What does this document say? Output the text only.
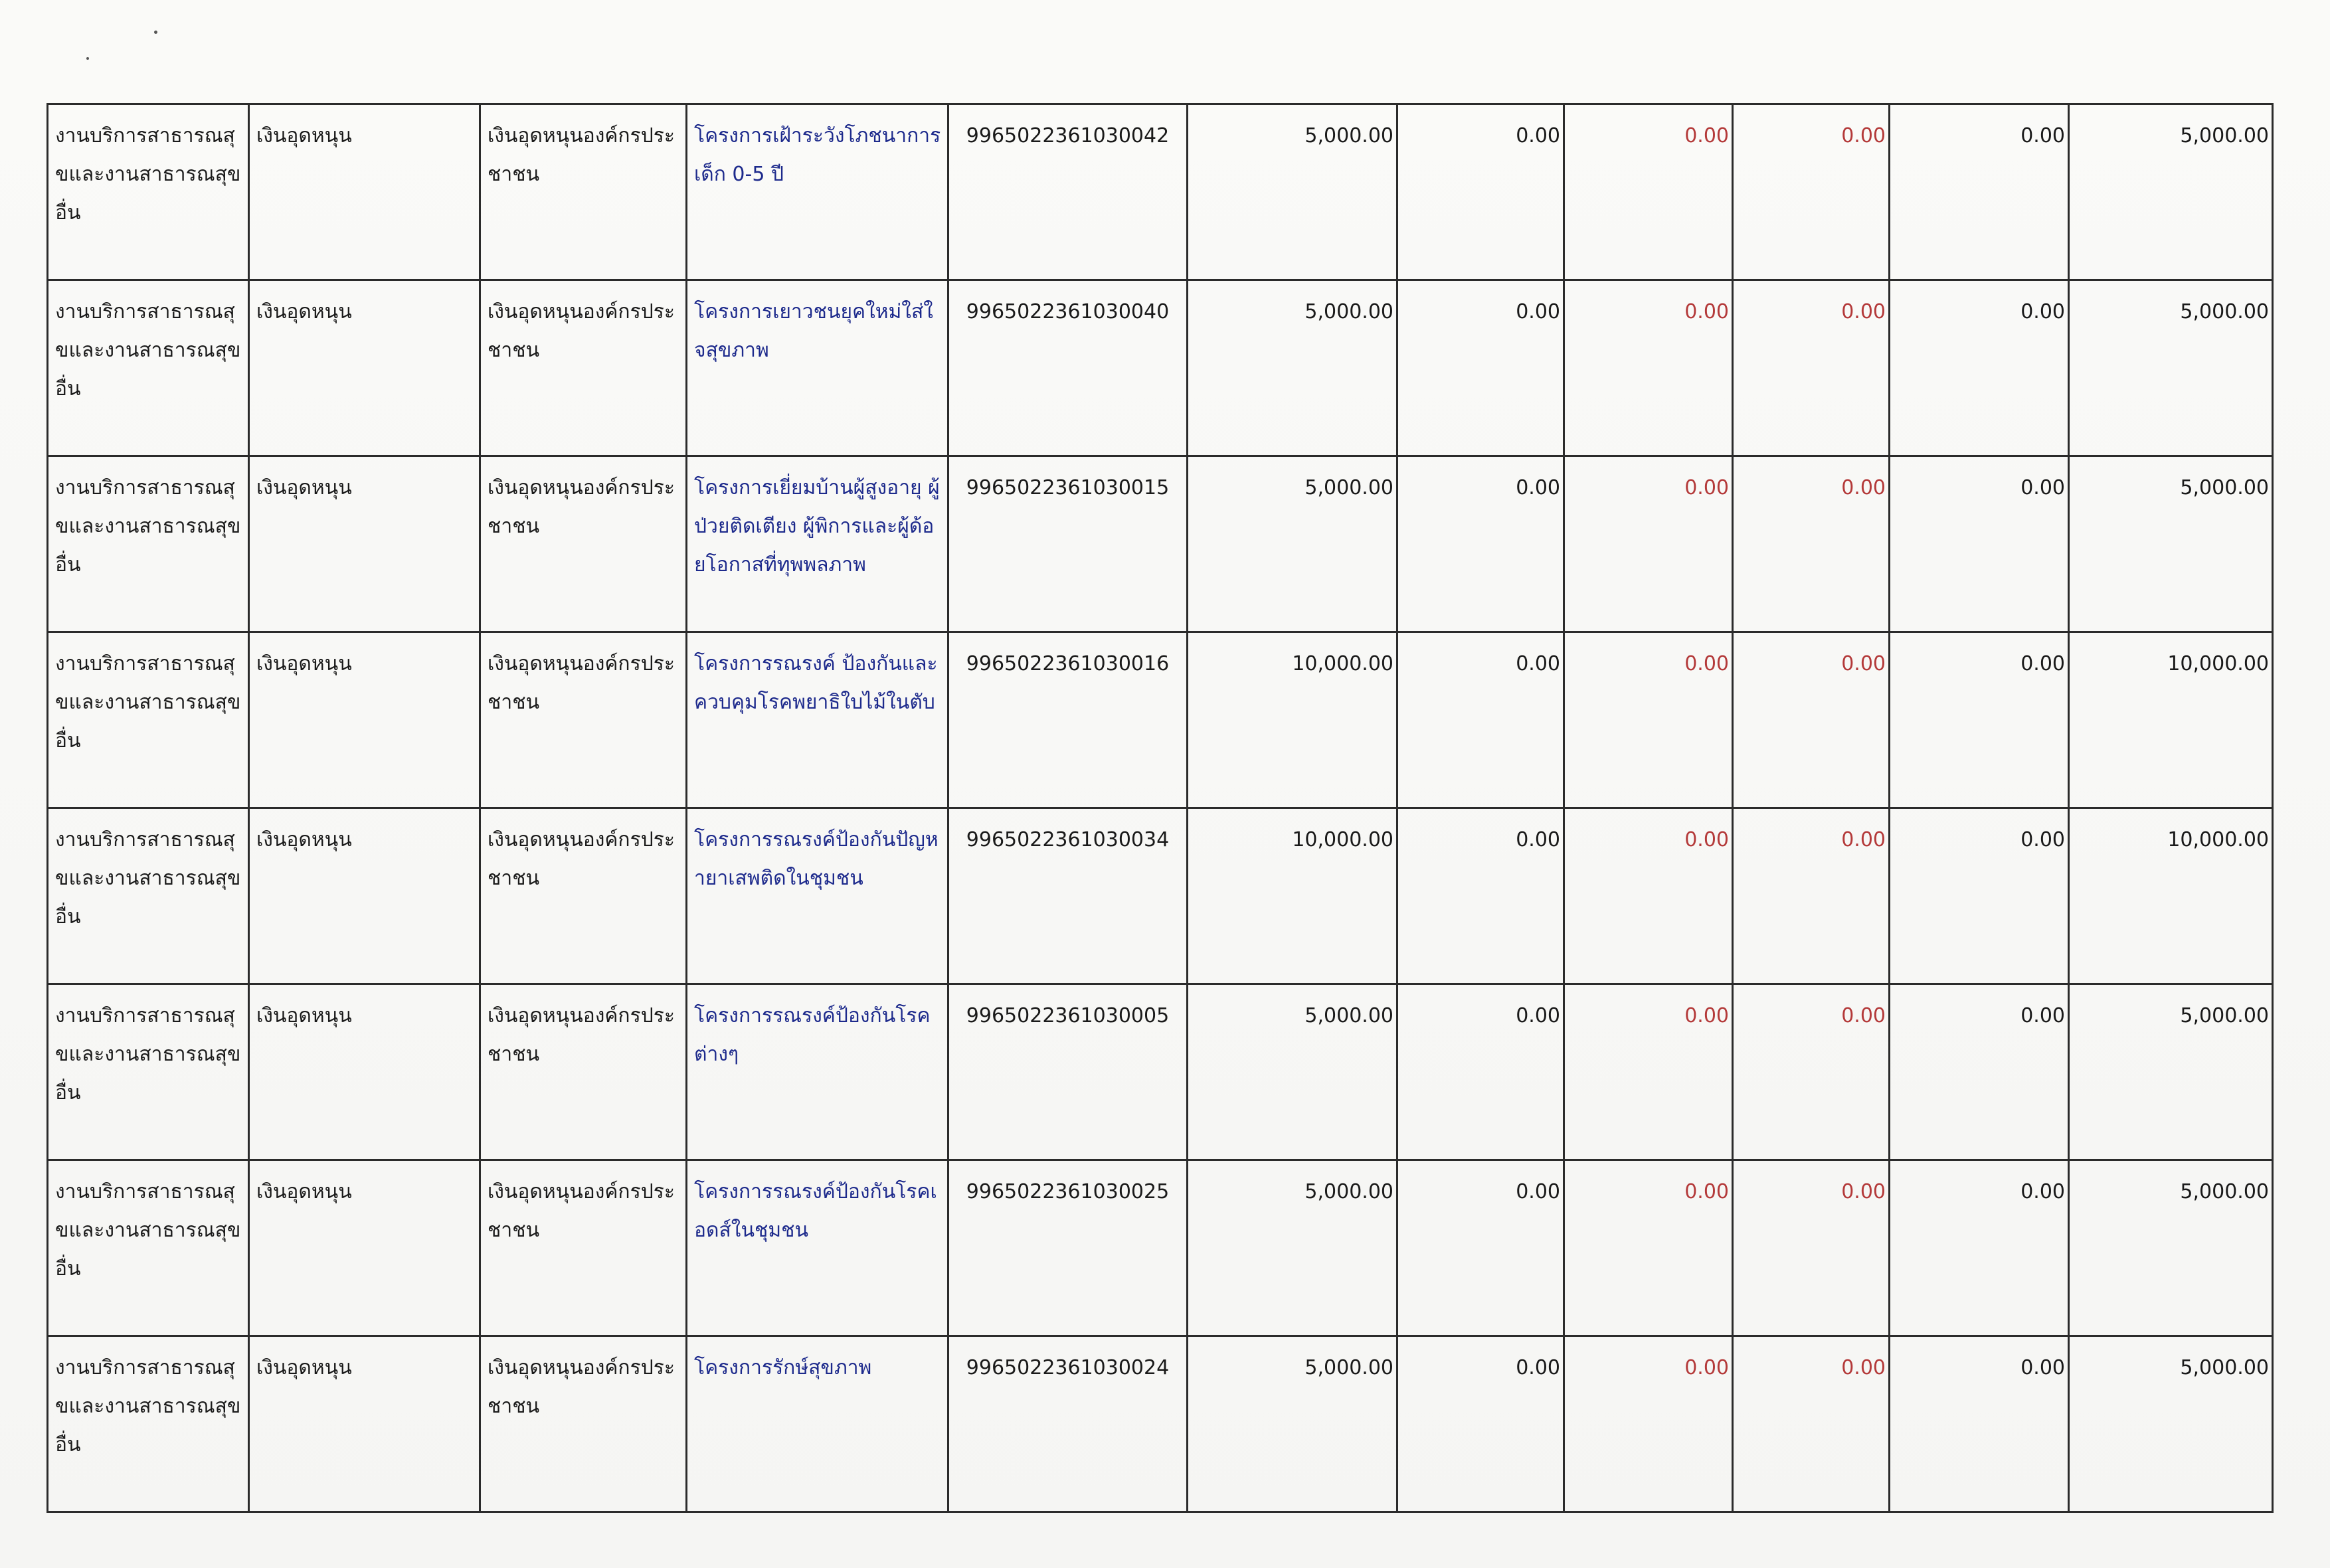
งานบริการสาธารณสุขและงานสาธารณสุขอื่น	เงินอุดหนุน	เงินอุดหนุนองค์กรประชาชน	โครงการเฝ้าระวังโภชนาการเด็ก 0-5 ปี	9965022361030042	5,000.00	0.00	0.00	0.00	0.00	5,000.00

งานบริการสาธารณสุขและงานสาธารณสุขอื่น	เงินอุดหนุน	เงินอุดหนุนองค์กรประชาชน	โครงการเยาวชนยุคใหม่ใส่ใจสุขภาพ	9965022361030040	5,000.00	0.00	0.00	0.00	0.00	5,000.00

งานบริการสาธารณสุขและงานสาธารณสุขอื่น	เงินอุดหนุน	เงินอุดหนุนองค์กรประชาชน	โครงการเยี่ยมบ้านผู้สูงอายุ ผู้ป่วยติดเตียง ผู้พิการและผู้ด้อยโอกาสที่ทุพพลภาพ	9965022361030015	5,000.00	0.00	0.00	0.00	0.00	5,000.00

งานบริการสาธารณสุขและงานสาธารณสุขอื่น	เงินอุดหนุน	เงินอุดหนุนองค์กรประชาชน	โครงการรณรงค์ ป้องกันและควบคุมโรคพยาธิใบไม้ในตับ	9965022361030016	10,000.00	0.00	0.00	0.00	0.00	10,000.00

งานบริการสาธารณสุขและงานสาธารณสุขอื่น	เงินอุดหนุน	เงินอุดหนุนองค์กรประชาชน	โครงการรณรงค์ป้องกันปัญหายาเสพติดในชุมชน	9965022361030034	10,000.00	0.00	0.00	0.00	0.00	10,000.00

งานบริการสาธารณสุขและงานสาธารณสุขอื่น	เงินอุดหนุน	เงินอุดหนุนองค์กรประชาชน	โครงการรณรงค์ป้องกันโรคต่างๆ	9965022361030005	5,000.00	0.00	0.00	0.00	0.00	5,000.00

งานบริการสาธารณสุขและงานสาธารณสุขอื่น	เงินอุดหนุน	เงินอุดหนุนองค์กรประชาชน	โครงการรณรงค์ป้องกันโรคเอดส์ในชุมชน	9965022361030025	5,000.00	0.00	0.00	0.00	0.00	5,000.00

งานบริการสาธารณสุขและงานสาธารณสุขอื่น	เงินอุดหนุน	เงินอุดหนุนองค์กรประชาชน	โครงการรักษ์สุขภาพ	9965022361030024	5,000.00	0.00	0.00	0.00	0.00	5,000.00
